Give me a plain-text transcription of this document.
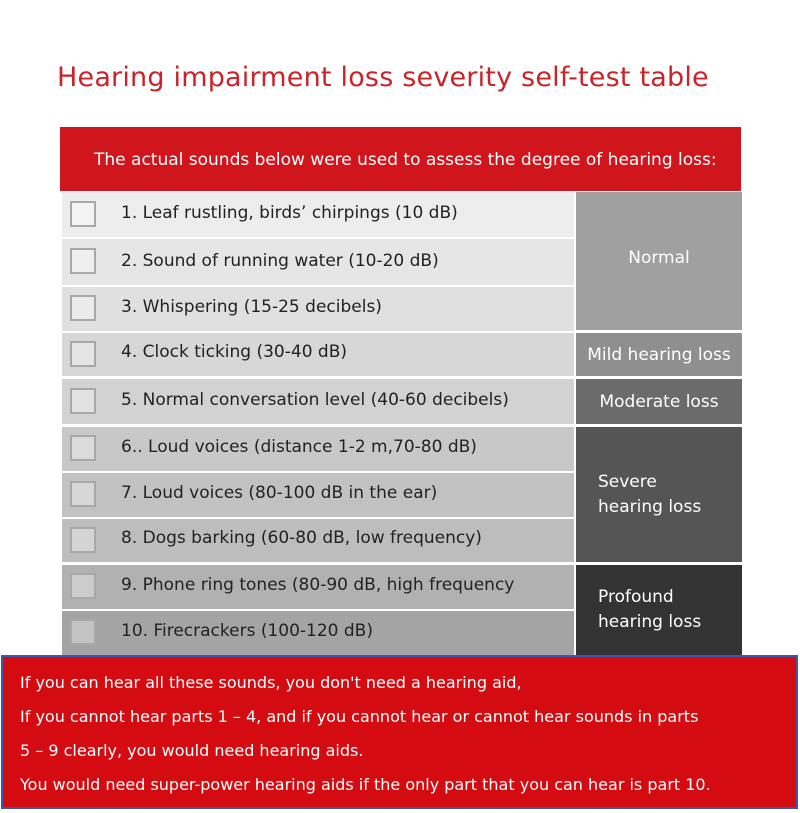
Hearing impairment loss severity self-test table
The actual sounds below were used to assess the degree of hearing loss:
1. Leaf rustling, birds’ chirpings (10 dB)
2. Sound of running water (10-20 dB)
3. Whispering (15-25 decibels)
4. Clock ticking (30-40 dB)
5. Normal conversation level (40-60 decibels)
6.. Loud voices (distance 1-2 m,70-80 dB)
7. Loud voices (80-100 dB in the ear)
8. Dogs barking (60-80 dB, low frequency)
9. Phone ring tones (80-90 dB, high frequency
10. Firecrackers (100-120 dB)
Normal
Mild hearing loss
Moderate loss
Severe
hearing loss
Profound
hearing loss

If you can hear all these sounds, you don't need a hearing aid,

If you cannot hear parts 1 – 4, and if you cannot hear or cannot hear sounds in parts

5 – 9 clearly, you would need hearing aids.

You would need super-power hearing aids if the only part that you can hear is part 10.
